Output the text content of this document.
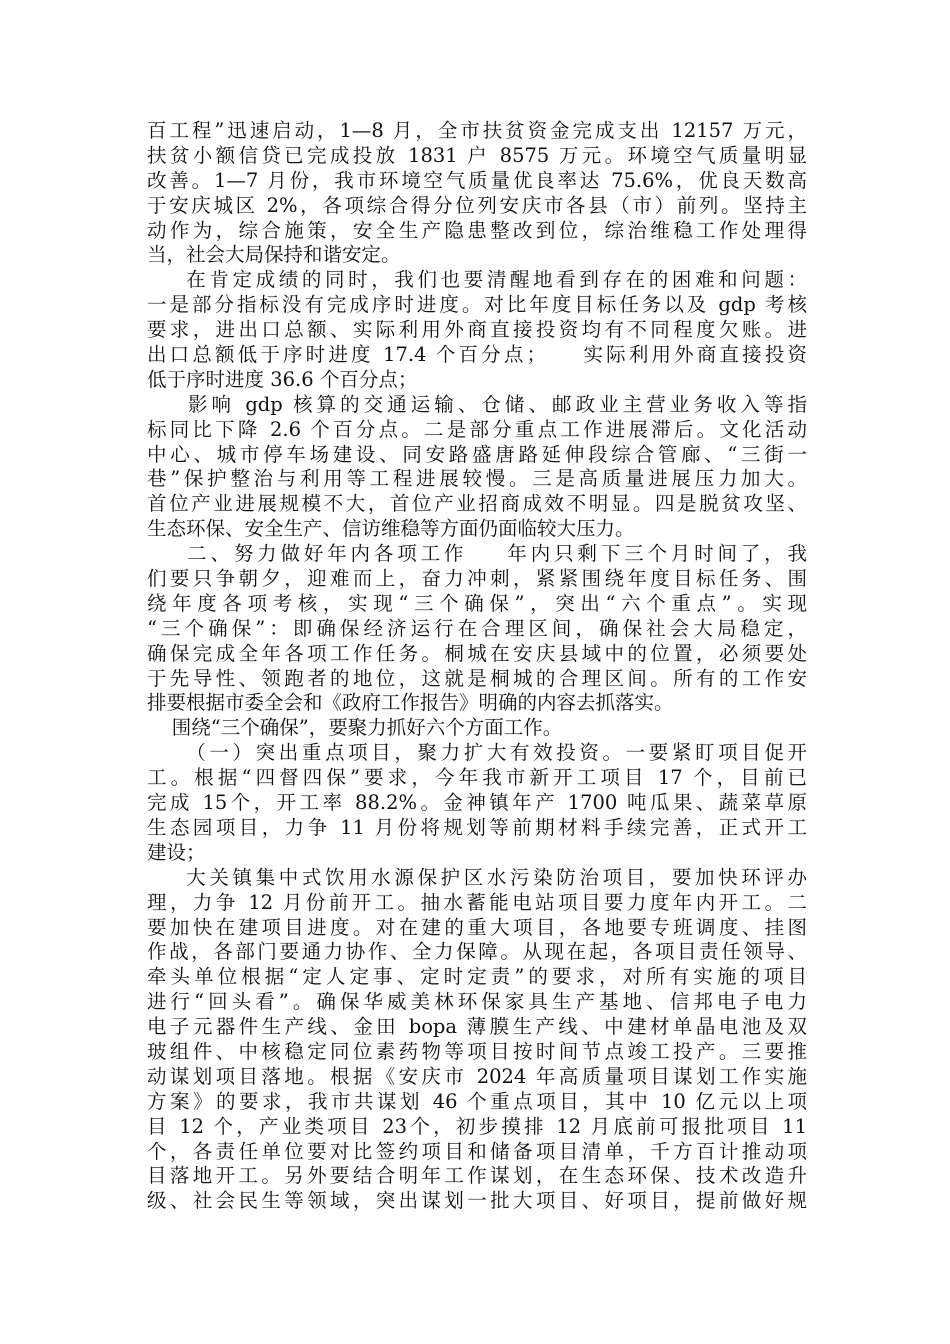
百工程”迅速启动，1—8 月，全市扶贫资金完成支出 12157 万元，
扶贫小额信贷已完成投放 1831 户 8575 万元。环境空气质量明显
改善。1—7 月份，我市环境空气质量优良率达 75.6%，优良天数高
于安庆城区 2%，各项综合得分位列安庆市各县（市）前列。坚持主
动作为，综合施策，安全生产隐患整改到位，综治维稳工作处理得
当，社会大局保持和谐安定。
在肯定成绩的同时，我们也要清醒地看到存在的困难和问题：
一是部分指标没有完成序时进度。对比年度目标任务以及 gdp 考核
要求，进出口总额、实际利用外商直接投资均有不同程度欠账。进
出口总额低于序时进度 17.4 个百分点；    实际利用外商直接投资
低于序时进度 36.6 个百分点；
影响 gdp 核算的交通运输、仓储、邮政业主营业务收入等指
标同比下降 2.6 个百分点。二是部分重点工作进展滞后。文化活动
中心、城市停车场建设、同安路盛唐路延伸段综合管廊、“三街一
巷”保护整治与利用等工程进展较慢。三是高质量进展压力加大。
首位产业进展规模不大，首位产业招商成效不明显。四是脱贫攻坚、
生态环保、安全生产、信访维稳等方面仍面临较大压力。
二、努力做好年内各项工作    年内只剩下三个月时间了，我
们要只争朝夕，迎难而上，奋力冲刺，紧紧围绕年度目标任务、围
绕年度各项考核，实现“三个确保”，突出“六个重点”。实现
“三个确保”：即确保经济运行在合理区间，确保社会大局稳定，
确保完成全年各项工作任务。桐城在安庆县域中的位置，必须要处
于先导性、领跑者的地位，这就是桐城的合理区间。所有的工作安
排要根据市委全会和《政府工作报告》明确的内容去抓落实。
围绕“三个确保”，要聚力抓好六个方面工作。
（一）突出重点项目，聚力扩大有效投资。一要紧盯项目促开
工。根据“四督四保”要求，今年我市新开工项目 17 个，目前已
完成 15个，开工率 88.2%。金神镇年产 1700 吨瓜果、蔬菜草原
生态园项目，力争 11 月份将规划等前期材料手续完善，正式开工
建设；
大关镇集中式饮用水源保护区水污染防治项目，要加快环评办
理，力争 12 月份前开工。抽水蓄能电站项目要力度年内开工。二
要加快在建项目进度。对在建的重大项目，各地要专班调度、挂图
作战，各部门要通力协作、全力保障。从现在起，各项目责任领导、
牵头单位根据“定人定事、定时定责”的要求，对所有实施的项目
进行“回头看”。确保华威美林环保家具生产基地、信邦电子电力
电子元器件生产线、金田 bopa 薄膜生产线、中建材单晶电池及双
玻组件、中核稳定同位素药物等项目按时间节点竣工投产。三要推
动谋划项目落地。根据《安庆市 2024 年高质量项目谋划工作实施
方案》的要求，我市共谋划 46 个重点项目，其中 10 亿元以上项
目 12 个，产业类项目 23个，初步摸排 12 月底前可报批项目 11
个，各责任单位要对比签约项目和储备项目清单，千方百计推动项
目落地开工。另外要结合明年工作谋划，在生态环保、技术改造升
级、社会民生等领域，突出谋划一批大项目、好项目，提前做好规
